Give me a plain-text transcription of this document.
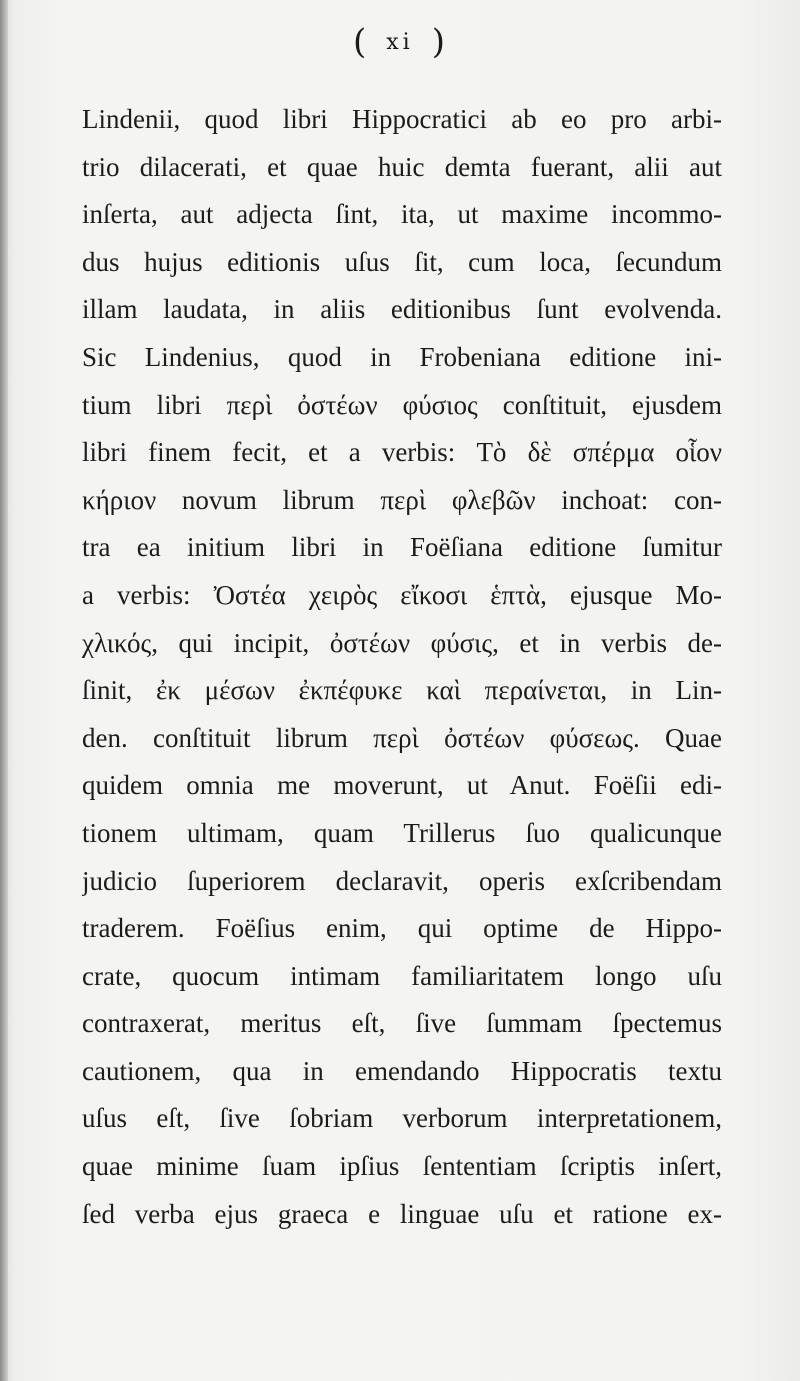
( xi )
Lindenii, quod libri Hippocratici ab eo pro arbi-
trio dilacerati, et quae huic demta fuerant, alii aut
inſerta, aut adjecta ſint, ita, ut maxime incommo-
dus hujus editionis uſus ſit, cum loca, ſecundum
illam laudata, in aliis editionibus ſunt evolvenda.
Sic Lindenius, quod in Frobeniana editione ini-
tium libri περὶ ὀστέων φύσιος conſtituit, ejusdem
libri finem fecit, et a verbis: Τὸ δὲ σπέρμα οἷον
κήριον novum librum περὶ φλεβῶν inchoat: con-
tra ea initium libri in Foëſiana editione ſumitur
a verbis: Ὀστέα χειρὸς εἴκοσι ἑπτὰ, ejusque Mo-
χλικός, qui incipit, ὀστέων φύσις, et in verbis de-
ſinit, ἐκ μέσων ἐκπέφυκε καὶ περαίνεται, in Lin-
den. conſtituit librum περὶ ὀστέων φύσεως. Quae
quidem omnia me moverunt, ut Anut. Foëſii edi-
tionem ultimam, quam Trillerus ſuo qualicunque
judicio ſuperiorem declaravit, operis exſcribendam
traderem. Foëſius enim, qui optime de Hippo-
crate, quocum intimam familiaritatem longo uſu
contraxerat, meritus eſt, ſive ſummam ſpectemus
cautionem, qua in emendando Hippocratis textu
uſus eſt, ſive ſobriam verborum interpretationem,
quae minime ſuam ipſius ſententiam ſcriptis inſert,
ſed verba ejus graeca e linguae uſu et ratione ex-
